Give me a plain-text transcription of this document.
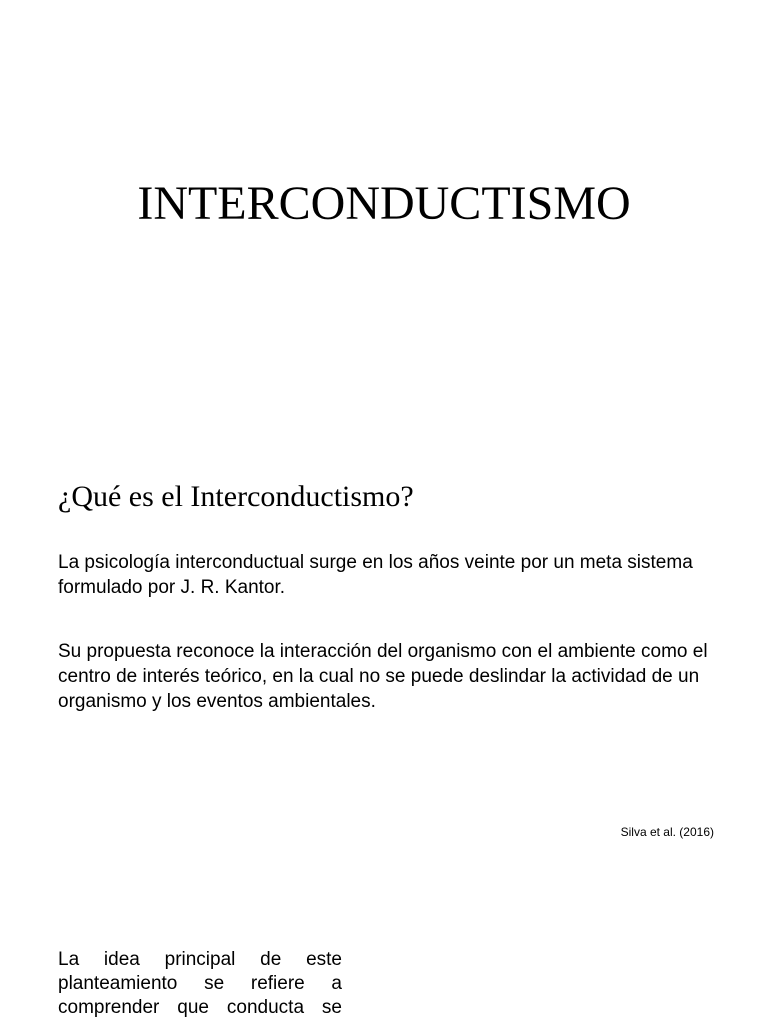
INTERCONDUCTISMO
¿Qué es el Interconductismo?

La psicología interconductual surge en los años veinte por un meta sistema formulado por J. R. Kantor.

Su propuesta reconoce la interacción del organismo con el ambiente como el centro de interés teórico, en la cual no se puede deslindar la actividad de un organismo y los eventos ambientales.

Silva et al. (2016)

La idea principal de este planteamiento se refiere a comprender que conducta se
